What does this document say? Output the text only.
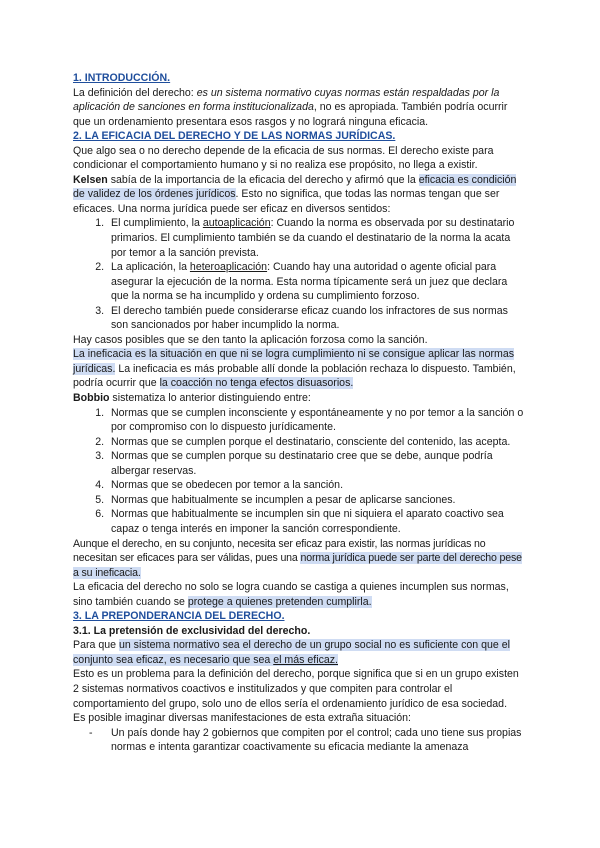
1. INTRODUCCIÓN.

La definición del derecho: es un sistema normativo cuyas normas están respaldadas por la aplicación de sanciones en forma institucionalizada, no es apropiada. También podría ocurrir que un ordenamiento presentara esos rasgos y no logrará ninguna eficacia.

2. LA EFICACIA DEL DERECHO Y DE LAS NORMAS JURÍDICAS.

Que algo sea o no derecho depende de la eficacia de sus normas. El derecho existe para condicionar el comportamiento humano y si no realiza ese propósito, no llega a existir.

Kelsen sabía de la importancia de la eficacia del derecho y afirmó que la eficacia es condición de validez de los órdenes jurídicos. Esto no significa, que todas las normas tengan que ser eficaces. Una norma jurídica puede ser eficaz en diversos sentidos:

1. El cumplimiento, la autoaplicación: Cuando la norma es observada por su destinatario primarios. El cumplimiento también se da cuando el destinatario de la norma la acata por temor a la sanción prevista.
2. La aplicación, la heteroaplicación: Cuando hay una autoridad o agente oficial para asegurar la ejecución de la norma. Esta norma típicamente será un juez que declara que la norma se ha incumplido y ordena su cumplimiento forzoso.
3. El derecho también puede considerarse eficaz cuando los infractores de sus normas son sancionados por haber incumplido la norma.

Hay casos posibles que se den tanto la aplicación forzosa como la sanción.

La ineficacia es la situación en que ni se logra cumplimiento ni se consigue aplicar las normas jurídicas. La ineficacia es más probable allí donde la población rechaza lo dispuesto. También, podría ocurrir que la coacción no tenga efectos disuasorios.

Bobbio sistematiza lo anterior distinguiendo entre:

1. Normas que se cumplen inconsciente y espontáneamente y no por temor a la sanción o por compromiso con lo dispuesto jurídicamente.
2. Normas que se cumplen porque el destinatario, consciente del contenido, las acepta.
3. Normas que se cumplen porque su destinatario cree que se debe, aunque podría albergar reservas.
4. Normas que se obedecen por temor a la sanción.
5. Normas que habitualmente se incumplen a pesar de aplicarse sanciones.
6. Normas que habitualmente se incumplen sin que ni siquiera el aparato coactivo sea capaz o tenga interés en imponer la sanción correspondiente.

Aunque el derecho, en su conjunto, necesita ser eficaz para existir, las normas jurídicas no necesitan ser eficaces para ser válidas, pues una norma jurídica puede ser parte del derecho pese a su ineficacia.

La eficacia del derecho no solo se logra cuando se castiga a quienes incumplen sus normas, sino también cuando se protege a quienes pretenden cumplirla.

3. LA PREPONDERANCIA DEL DERECHO.
3.1. La pretensión de exclusividad del derecho.

Para que un sistema normativo sea el derecho de un grupo social no es suficiente con que el conjunto sea eficaz, es necesario que sea el más eficaz.

Esto es un problema para la definición del derecho, porque significa que si en un grupo existen 2 sistemas normativos coactivos e institulizados y que compiten para controlar el comportamiento del grupo, solo uno de ellos sería el ordenamiento jurídico de esa sociedad.

Es posible imaginar diversas manifestaciones de esta extraña situación:

- Un país donde hay 2 gobiernos que compiten por el control; cada uno tiene sus propias normas e intenta garantizar coactivamente su eficacia mediante la amenaza
